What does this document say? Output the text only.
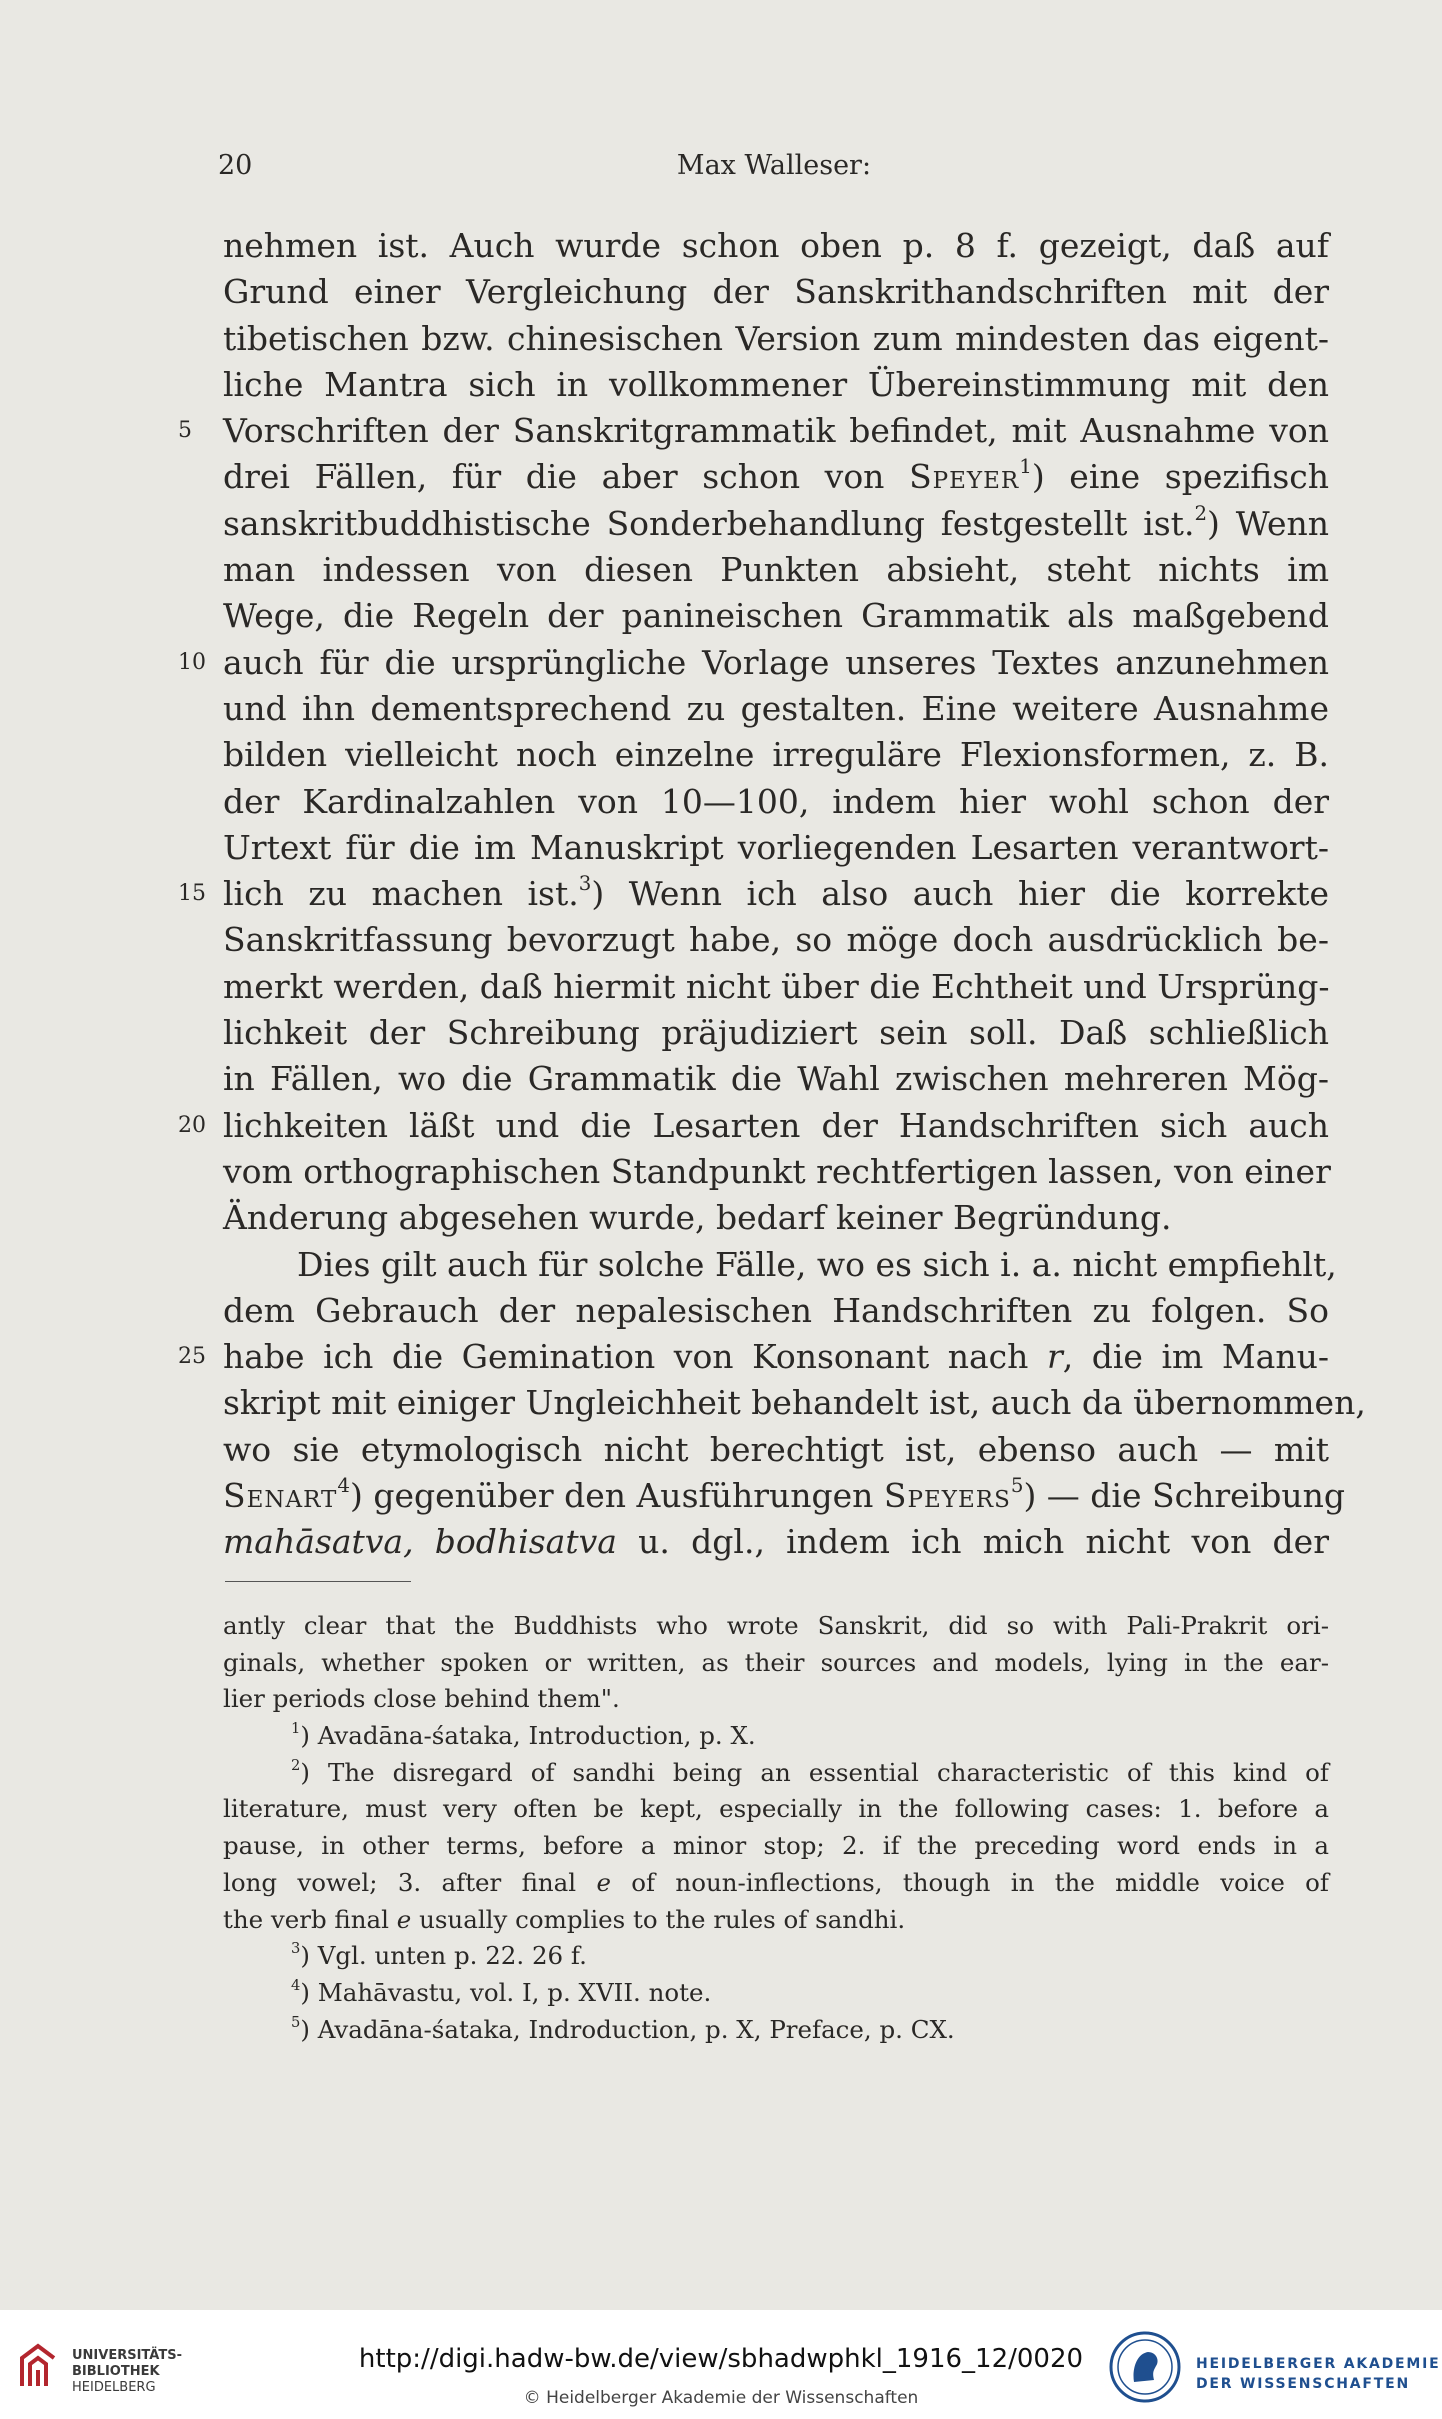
20	Max Walleser:
nehmen ist. Auch wurde schon oben p. 8 f. gezeigt, daß auf
Grund einer Vergleichung der Sanskrithandschriften mit der
tibetischen bzw. chinesischen Version zum mindesten das eigent-
liche Mantra sich in vollkommener Übereinstimmung mit den
5 Vorschriften der Sanskritgrammatik befindet, mit Ausnahme von
drei Fällen, für die aber schon von Speyer$^1$) eine spezifisch
sanskritbuddhistische Sonderbehandlung festgestellt ist.$^2$) Wenn
man indessen von diesen Punkten absieht, steht nichts im
Wege, die Regeln der panineischen Grammatik als maßgebend
10 auch für die ursprüngliche Vorlage unseres Textes anzunehmen
und ihn dementsprechend zu gestalten. Eine weitere Ausnahme
bilden vielleicht noch einzelne irreguläre Flexionsformen, z. B.
der Kardinalzahlen von 10—100, indem hier wohl schon der
Urtext für die im Manuskript vorliegenden Lesarten verantwort-
15 lich zu machen ist.$^3$) Wenn ich also auch hier die korrekte
Sanskritfassung bevorzugt habe, so möge doch ausdrücklich be-
merkt werden, daß hiermit nicht über die Echtheit und Ursprüng-
lichkeit der Schreibung präjudiziert sein soll. Daß schließlich
in Fällen, wo die Grammatik die Wahl zwischen mehreren Mög-
20 lichkeiten läßt und die Lesarten der Handschriften sich auch
vom orthographischen Standpunkt rechtfertigen lassen, von einer
Änderung abgesehen wurde, bedarf keiner Begründung.
Dies gilt auch für solche Fälle, wo es sich i. a. nicht empfiehlt,
dem Gebrauch der nepalesischen Handschriften zu folgen. So
25 habe ich die Gemination von Konsonant nach r, die im Manu-
skript mit einiger Ungleichheit behandelt ist, auch da übernommen,
wo sie etymologisch nicht berechtigt ist, ebenso auch — mit
Senart$^4$) gegenüber den Ausführungen Speyers$^5$) — die Schreibung
mahāsatva, bodhisatva u. dgl., indem ich mich nicht von der
antly clear that the Buddhists who wrote Sanskrit, did so with Pali-Prakrit ori-
ginals, whether spoken or written, as their sources and models, lying in the ear-
lier periods close behind them".
$^1$) Avadāna-śataka, Introduction, p. X.
$^2$) The disregard of sandhi being an essential characteristic of this kind of
literature, must very often be kept, especially in the following cases: 1. before a
pause, in other terms, before a minor stop; 2. if the preceding word ends in a
long vowel; 3. after final e of noun-inflections, though in the middle voice of
the verb final e usually complies to the rules of sandhi.
$^3$) Vgl. unten p. 22. 26 f.
$^4$) Mahāvastu, vol. I, p. XVII. note.
$^5$) Avadāna-śataka, Indroduction, p. X, Preface, p. CX.
UNIVERSITÄTS-
BIBLIOTHEK
HEIDELBERG
http://digi.hadw-bw.de/view/sbhadwphkl_1916_12/0020
© Heidelberger Akademie der Wissenschaften
HEIDELBERGER AKADEMIE
DER WISSENSCHAFTEN
